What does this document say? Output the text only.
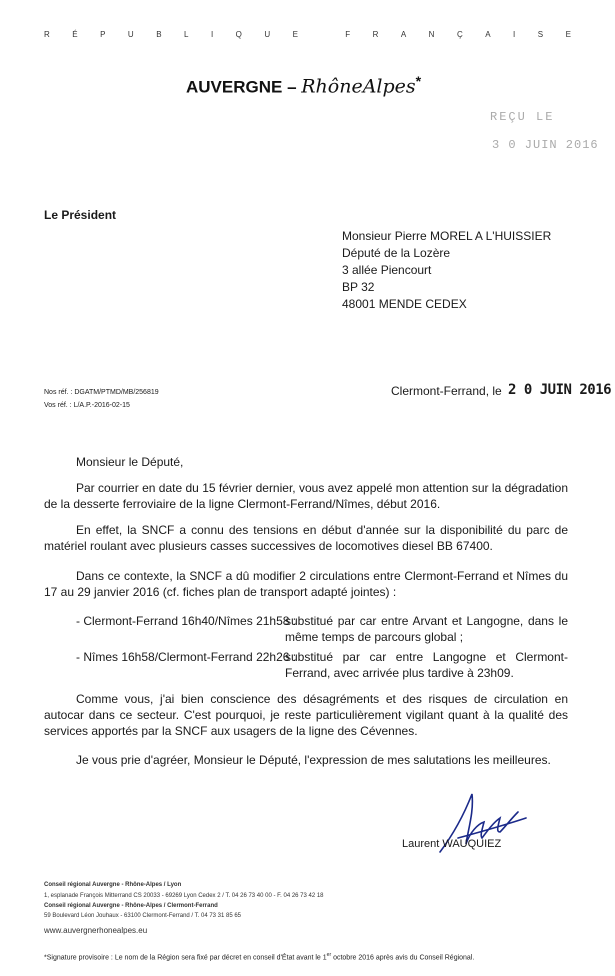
R	É	P	U	B	L	I	Q	U	E
	F	R	A	N	Ç	A	I	S	E
AUVERGNE – RhôneAlpes*
REÇU LE
3 0 JUIN 2016
Le Président
Monsieur Pierre MOREL A L'HUISSIER
Député de la Lozère
3 allée Piencourt
BP 32
48001 MENDE CEDEX
Nos réf. : DGATM/PTMD/MB/256819
Vos réf. : L/A.P.-2016-02-15
Clermont-Ferrand, le 2 0 JUIN 2016
Monsieur le Député,
Par courrier en date du 15 février dernier, vous avez appelé mon attention sur la dégradation de la desserte ferroviaire de la ligne Clermont-Ferrand/Nîmes, début 2016.
En effet, la SNCF a connu des tensions en début d'année sur la disponibilité du parc de matériel roulant avec plusieurs casses successives de locomotives diesel BB 67400.
Dans ce contexte, la SNCF a dû modifier 2 circulations entre Clermont-Ferrand et Nîmes du 17 au 29 janvier 2016 (cf. fiches plan de transport adapté jointes) :
- Clermont-Ferrand 16h40/Nîmes 21h58 :
substitué par car entre Arvant et Langogne, dans le même temps de parcours global ;
- Nîmes 16h58/Clermont-Ferrand 22h26 :
substitué par car entre Langogne et Clermont-Ferrand, avec arrivée plus tardive à 23h09.
Comme vous, j'ai bien conscience des désagréments et des risques de circulation en autocar dans ce secteur. C'est pourquoi, je reste particulièrement vigilant quant à la qualité des services apportés par la SNCF aux usagers de la ligne des Cévennes.
Je vous prie d'agréer, Monsieur le Député, l'expression de mes salutations les meilleures.
Laurent WAUQUIEZ
Conseil régional Auvergne - Rhône-Alpes / Lyon
1, esplanade François Mitterrand CS 20033 - 69269 Lyon Cedex 2 / T. 04 26 73 40 00 - F. 04 26 73 42 18
Conseil régional Auvergne - Rhône-Alpes / Clermont-Ferrand
59 Boulevard Léon Jouhaux - 63100 Clermont-Ferrand / T. 04 73 31 85 65
www.auvergnerhonealpes.eu
*Signature provisoire : Le nom de la Région sera fixé par décret en conseil d'État avant le 1er octobre 2016 après avis du Conseil Régional.
